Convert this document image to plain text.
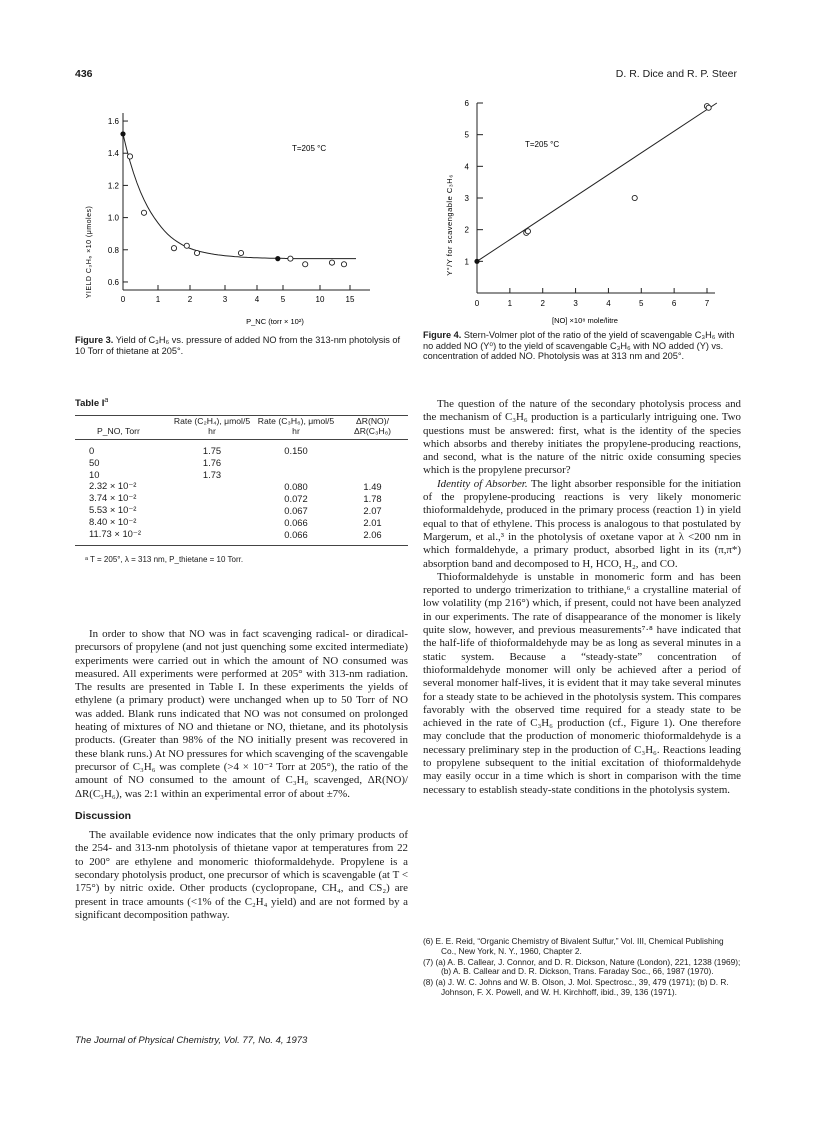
436	D. R. Dice and R. P. Steer
0	1	2	3	4	5	10	15
0.6
0.8
1.0
1.2
1.4
1.6
T=205 °C
YIELD C₃H₆ ×10 (μmoles)
P_NC (torr × 10²)
Figure 3. Yield of C₃H₆ vs. pressure of added NO from the 313-nm photolysis of 10 Torr of thietane at 205°.
0	1	2	3	4	5	6	7
1
2
3
4
5
6
T=205 °C
Y°/Y for scavengable C₃H₆
[NO] ×10⁸ mole/litre
Figure 4. Stern-Volmer plot of the ratio of the yield of scavengable C₃H₆ with no added NO (Y⁰) to the yield of scavengable C₃H₆ with NO added (Y) vs. concentration of added NO. Photolysis was at 313 nm and 205°.
Table $I^a$
P_NO, Torr	Rate (C₂H₄), μmol/5 hr	Rate (C₃H₆), μmol/5 hr	ΔR(NO)/ ΔR(C₃H₆)
0	1.75	0.150	
50	1.76		
10	1.73		
2.32 × 10⁻²		0.080	1.49
3.74 × 10⁻²		0.072	1.78
5.53 × 10⁻²		0.067	2.07
8.40 × 10⁻²		0.066	2.01
11.73 × 10⁻²		0.066	2.06
ᵃ T = 205°, λ = 313 nm, P_thietane = 10 Torr.

In order to show that NO was in fact scavenging radical- or diradical-precursors of propylene (and not just quenching some excited intermediate) experiments were carried out in which the amount of NO consumed was measured. All experiments were performed at 205° with 313-nm radiation. The results are presented in Table I. In these experiments the yields of ethylene (a primary product) were unchanged when up to 50 Torr of NO was added. Blank runs indicated that NO was not consumed on prolonged heating of mixtures of NO and thietane or NO, thietane, and its photolysis products. (Greater than 98% of the NO initially present was recovered in these blank runs.) At NO pressures for which scavenging of the scavengable precursor of C₃H₆ was complete (>4 × 10⁻² Torr at 205°), the ratio of the amount of NO consumed to the amount of C₃H₆ scavenged, ΔR(NO)/ΔR(C₃H₆), was 2:1 within an experimental error of about ±7%.

Discussion

The available evidence now indicates that the only primary products of the 254- and 313-nm photolysis of thietane vapor at temperatures from 22 to 200° are ethylene and monomeric thioformaldehyde. Propylene is a secondary photolysis product, one precursor of which is scavengable (at T < 175°) by nitric oxide. Other products (cyclopropane, CH₄, and CS₂) are present in trace amounts (<1% of the C₂H₄ yield) and are not formed by a significant decomposition pathway.

The question of the nature of the secondary photolysis process and the mechanism of C₃H₆ production is a particularly intriguing one. Two questions must be answered: first, what is the identity of the species which absorbs and thereby initiates the propylene-producing reactions, and second, what is the nature of the nitric oxide consuming species which is the propylene precursor?

Identity of Absorber. The light absorber responsible for the initiation of the propylene-producing reactions is very likely monomeric thioformaldehyde, produced in the primary process (reaction 1) in yield equal to that of ethylene. This process is analogous to that postulated by Margerum, et al.,³ in the photolysis of oxetane vapor at λ <200 nm in which formaldehyde, a primary product, absorbed light in its (π,π*) absorption band and decomposed to H, HCO, H₂, and CO.

Thioformaldehyde is unstable in monomeric form and has been reported to undergo trimerization to trithiane,⁶ a crystalline material of low volatility (mp 216°) which, if present, could not have been analyzed in our experiments. The rate of disappearance of the monomer is likely quite slow, however, and previous measurements⁷·⁸ have indicated that the half-life of thioformaldehyde may be as long as several minutes in a static system. Because a “steady-state” concentration of thioformaldehyde monomer will only be achieved after a period of several monomer half-lives, it is evident that it may take several minutes for a steady state to be achieved in the photolysis system. This compares favorably with the observed time required for a steady state to be achieved in the rate of C₃H₆ production (cf., Figure 1). One therefore may conclude that the production of monomeric thioformaldehyde is a necessary preliminary step in the production of C₃H₆. Reactions leading to propylene subsequent to the initial excitation of thioformaldehyde may easily occur in a time which is short in comparison with the time necessary to establish steady-state conditions in the photolysis system.

(6) E. E. Reid, “Organic Chemistry of Bivalent Sulfur,” Vol. III, Chemical Publishing Co., New York, N. Y., 1960, Chapter 2.

(7) (a) A. B. Callear, J. Connor, and D. R. Dickson, Nature (London), 221, 1238 (1969); (b) A. B. Callear and D. R. Dickson, Trans. Faraday Soc., 66, 1987 (1970).

(8) (a) J. W. C. Johns and W. B. Olson, J. Mol. Spectrosc., 39, 479 (1971); (b) D. R. Johnson, F. X. Powell, and W. H. Kirchhoff, ibid., 39, 136 (1971).

The Journal of Physical Chemistry, Vol. 77, No. 4, 1973
